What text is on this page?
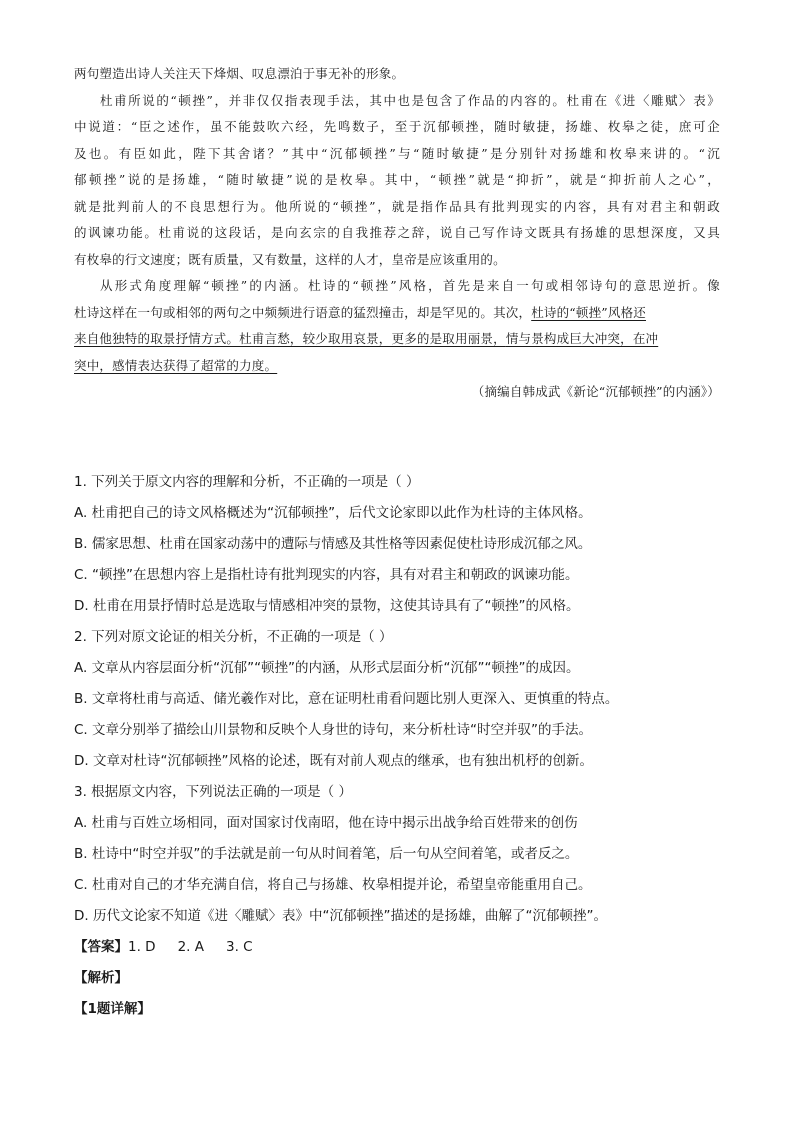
两句塑造出诗人关注天下烽烟、叹息漂泊于事无补的形象。
杜甫所说的“顿挫”，并非仅仅指表现手法，其中也是包含了作品的内容的。杜甫在《进〈雕赋〉表》
中说道：“臣之述作，虽不能鼓吹六经，先鸣数子，至于沉郁顿挫，随时敏捷，扬雄、枚皋之徒，庶可企
及也。有臣如此，陛下其舍诸？”其中“沉郁顿挫”与“随时敏捷”是分别针对扬雄和枚皋来讲的。“沉
郁顿挫”说的是扬雄，“随时敏捷”说的是枚皋。其中，“顿挫”就是“抑折”，就是“抑折前人之心”，
就是批判前人的不良思想行为。他所说的“顿挫”，就是指作品具有批判现实的内容，具有对君主和朝政
的讽谏功能。杜甫说的这段话，是向玄宗的自我推荐之辞，说自己写作诗文既具有扬雄的思想深度，又具
有枚皋的行文速度；既有质量，又有数量，这样的人才，皇帝是应该重用的。
从形式角度理解“顿挫”的内涵。杜诗的“顿挫”风格，首先是来自一句或相邻诗句的意思逆折。像
杜诗这样在一句或相邻的两句之中频频进行语意的猛烈撞击，却是罕见的。其次，杜诗的“顿挫”风格还
来自他独特的取景抒情方式。杜甫言愁，较少取用哀景，更多的是取用丽景，情与景构成巨大冲突，在冲
突中，感情表达获得了超常的力度。
（摘编自韩成武《新论“沉郁顿挫”的内涵》）
1. 下列关于原文内容的理解和分析，不正确的一项是（ ）
A. 杜甫把自己的诗文风格概述为“沉郁顿挫”，后代文论家即以此作为杜诗的主体风格。
B. 儒家思想、杜甫在国家动荡中的遭际与情感及其性格等因素促使杜诗形成沉郁之风。
C. “顿挫”在思想内容上是指杜诗有批判现实的内容，具有对君主和朝政的讽谏功能。
D. 杜甫在用景抒情时总是选取与情感相冲突的景物，这使其诗具有了“顿挫”的风格。
2. 下列对原文论证的相关分析，不正确的一项是（ ）
A. 文章从内容层面分析“沉郁”“顿挫”的内涵，从形式层面分析“沉郁”“顿挫”的成因。
B. 文章将杜甫与高适、储光羲作对比，意在证明杜甫看问题比别人更深入、更慎重的特点。
C. 文章分别举了描绘山川景物和反映个人身世的诗句，来分析杜诗“时空并驭”的手法。
D. 文章对杜诗“沉郁顿挫”风格的论述，既有对前人观点的继承，也有独出机杼的创新。
3. 根据原文内容，下列说法正确的一项是（ ）
A. 杜甫与百姓立场相同，面对国家讨伐南昭，他在诗中揭示出战争给百姓带来的创伤
B. 杜诗中“时空并驭”的手法就是前一句从时间着笔，后一句从空间着笔，或者反之。
C. 杜甫对自己的才华充满自信，将自己与扬雄、枚皋相提并论，希望皇帝能重用自己。
D. 历代文论家不知道《进〈雕赋〉表》中“沉郁顿挫”描述的是扬雄，曲解了“沉郁顿挫”。
【答案】1. D 2. A 3. C
【解析】
【1题详解】
